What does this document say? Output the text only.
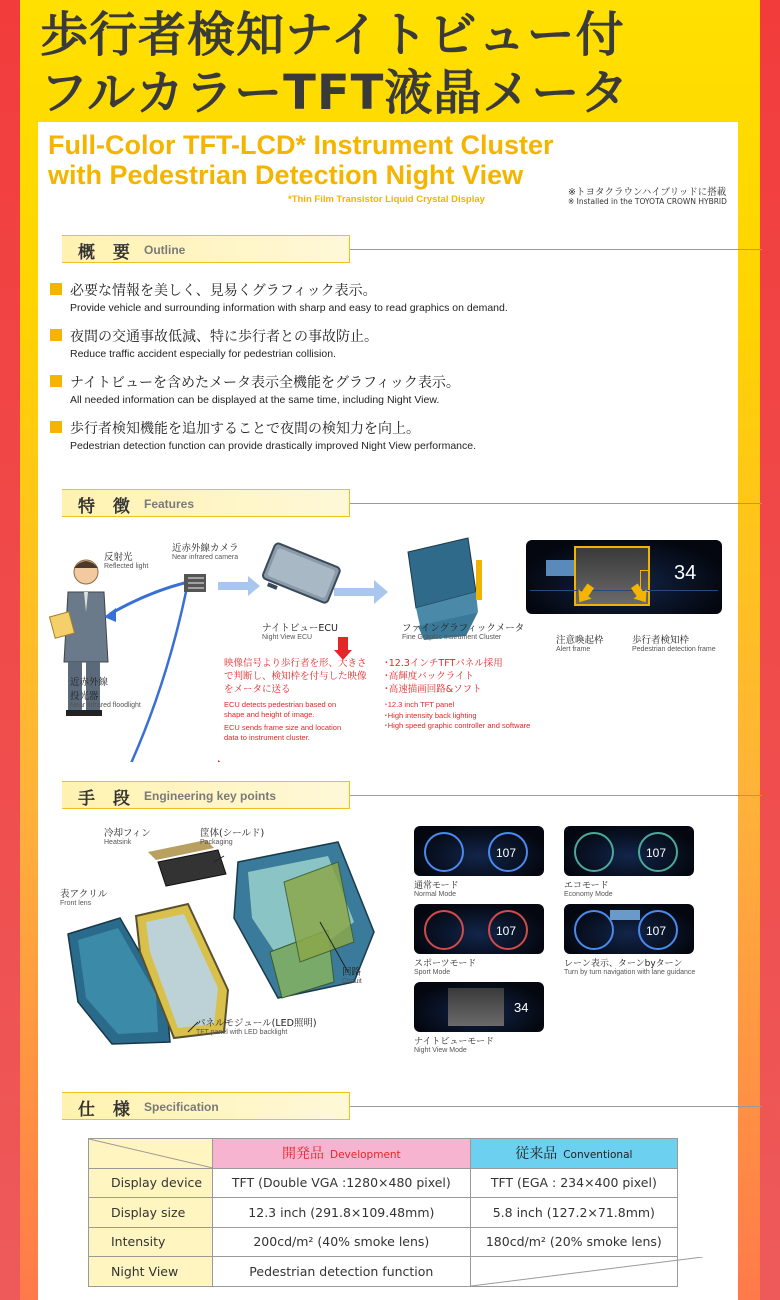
歩行者検知ナイトビュー付
フルカラーTFT液晶メータ
概 要 Outline
必要な情報を美しく、見易くグラフィック表示。
Provide vehicle and surrounding information with sharp and easy to read graphics on demand.
夜間の交通事故低減、特に歩行者との事故防止。
Reduce traffic accident especially for pedestrian collision.
ナイトビューを含めたメータ表示全機能をグラフィック表示。
All needed information can be displayed at the same time, including Night View.
歩行者検知機能を追加することで夜間の検知力を向上。
Pedestrian detection function can provide drastically improved Night View performance.
特 徴 Features
反射光
Reflected light
近赤外線カメラ
Near infrared camera
ナイトビューECU
Night View ECU
ファイングラフィックメータ
Fine Graphic Instrument Cluster
近赤外線
投光器
Near infrared floodlight
映像信号より歩行者を形、大きさ
で判断し、検知枠を付与した映像
をメータに送る
ECU detects pedestrian based on
shape and height of image.
ECU sends frame size and location
data to instrument cluster.
･12.3インチTFTパネル採用
･高輝度バックライト
･高速描画回路&ソフト
･12.3 inch TFT panel
･High intensity back lighting
･High speed graphic controller and software
34
注意喚起枠
Alert frame
歩行者検知枠
Pedestrian detection frame
手 段 Engineering key points
冷却フィン
Heatsink
筐体(シールド)
Packaging
表アクリル
Front lens
回路
Circuit
パネルモジュール(LED照明)
TFT panel with LED backlight
107
通常モード
Normal Mode
107
エコモード
Economy Mode
107
スポーツモード
Sport Mode
107
レーン表示、ターンbyターン
Turn by turn navigation with lane guidance
34
ナイトビューモード
Night View Mode
仕 様 Specification
Full-Color TFT-LCD* Instrument Cluster
with Pedestrian Detection Night View
*Thin Film Transistor Liquid Crystal Display
※トヨタクラウンハイブリッドに搭載
※ Installed in the TOYOTA CROWN HYBRID
	開発品 Development	従来品 Conventional
Display device	TFT (Double VGA :1280×480 pixel)	TFT (EGA : 234×400 pixel)
Display size	12.3 inch (291.8×109.48mm)	5.8 inch (127.2×71.8mm)
Intensity	200cd/m² (40% smoke lens)	180cd/m² (20% smoke lens)
Night View	Pedestrian detection function	
